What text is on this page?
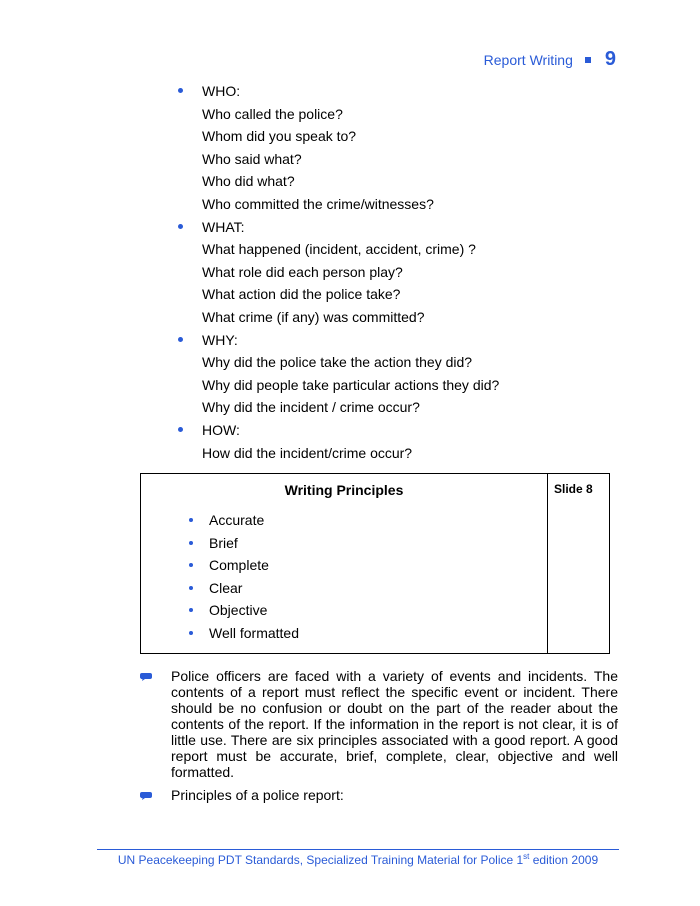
Report Writing 9
WHO:
Who called the police?
Whom did you speak to?
Who said what?
Who did what?
Who committed the crime/witnesses?
WHAT:
What happened (incident, accident, crime) ?
What role did each person play?
What action did the police take?
What crime (if any) was committed?
WHY:
Why did the police take the action they did?
Why did people take particular actions they did?
Why did the incident / crime occur?
HOW:
How did the incident/crime occur?
Writing Principles	Slide 8
Accurate
Brief
Complete
Clear
Objective
Well formatted
Police officers are faced with a variety of events and incidents. The contents of a report must reflect the specific event or incident. There should be no confusion or doubt on the part of the reader about the contents of the report. If the information in the report is not clear, it is of little use. There are six principles associated with a good report. A good report must be accurate, brief, complete, clear, objective and well formatted.
Principles of a police report:
UN Peacekeeping PDT Standards, Specialized Training Material for Police 1st edition 2009
